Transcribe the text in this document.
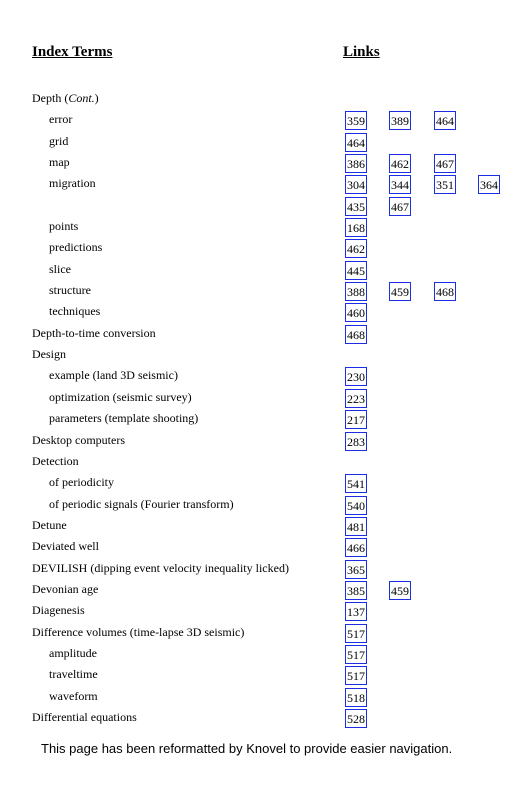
Index Terms	Links
Depth (Cont.)
error	359 389 464
grid	464
map	386 462 467
migration	304 344 351 364
435 467
points	168
predictions	462
slice	445
structure	388 459 468
techniques	460
Depth-to-time conversion	468
Design
example (land 3D seismic)	230
optimization (seismic survey)	223
parameters (template shooting)	217
Desktop computers	283
Detection
of periodicity	541
of periodic signals (Fourier transform)	540
Detune	481
Deviated well	466
DEVILISH (dipping event velocity inequality licked)	365
Devonian age	385 459
Diagenesis	137
Difference volumes (time-lapse 3D seismic)	517
amplitude	517
traveltime	517
waveform	518
Differential equations	528
This page has been reformatted by Knovel to provide easier navigation.
